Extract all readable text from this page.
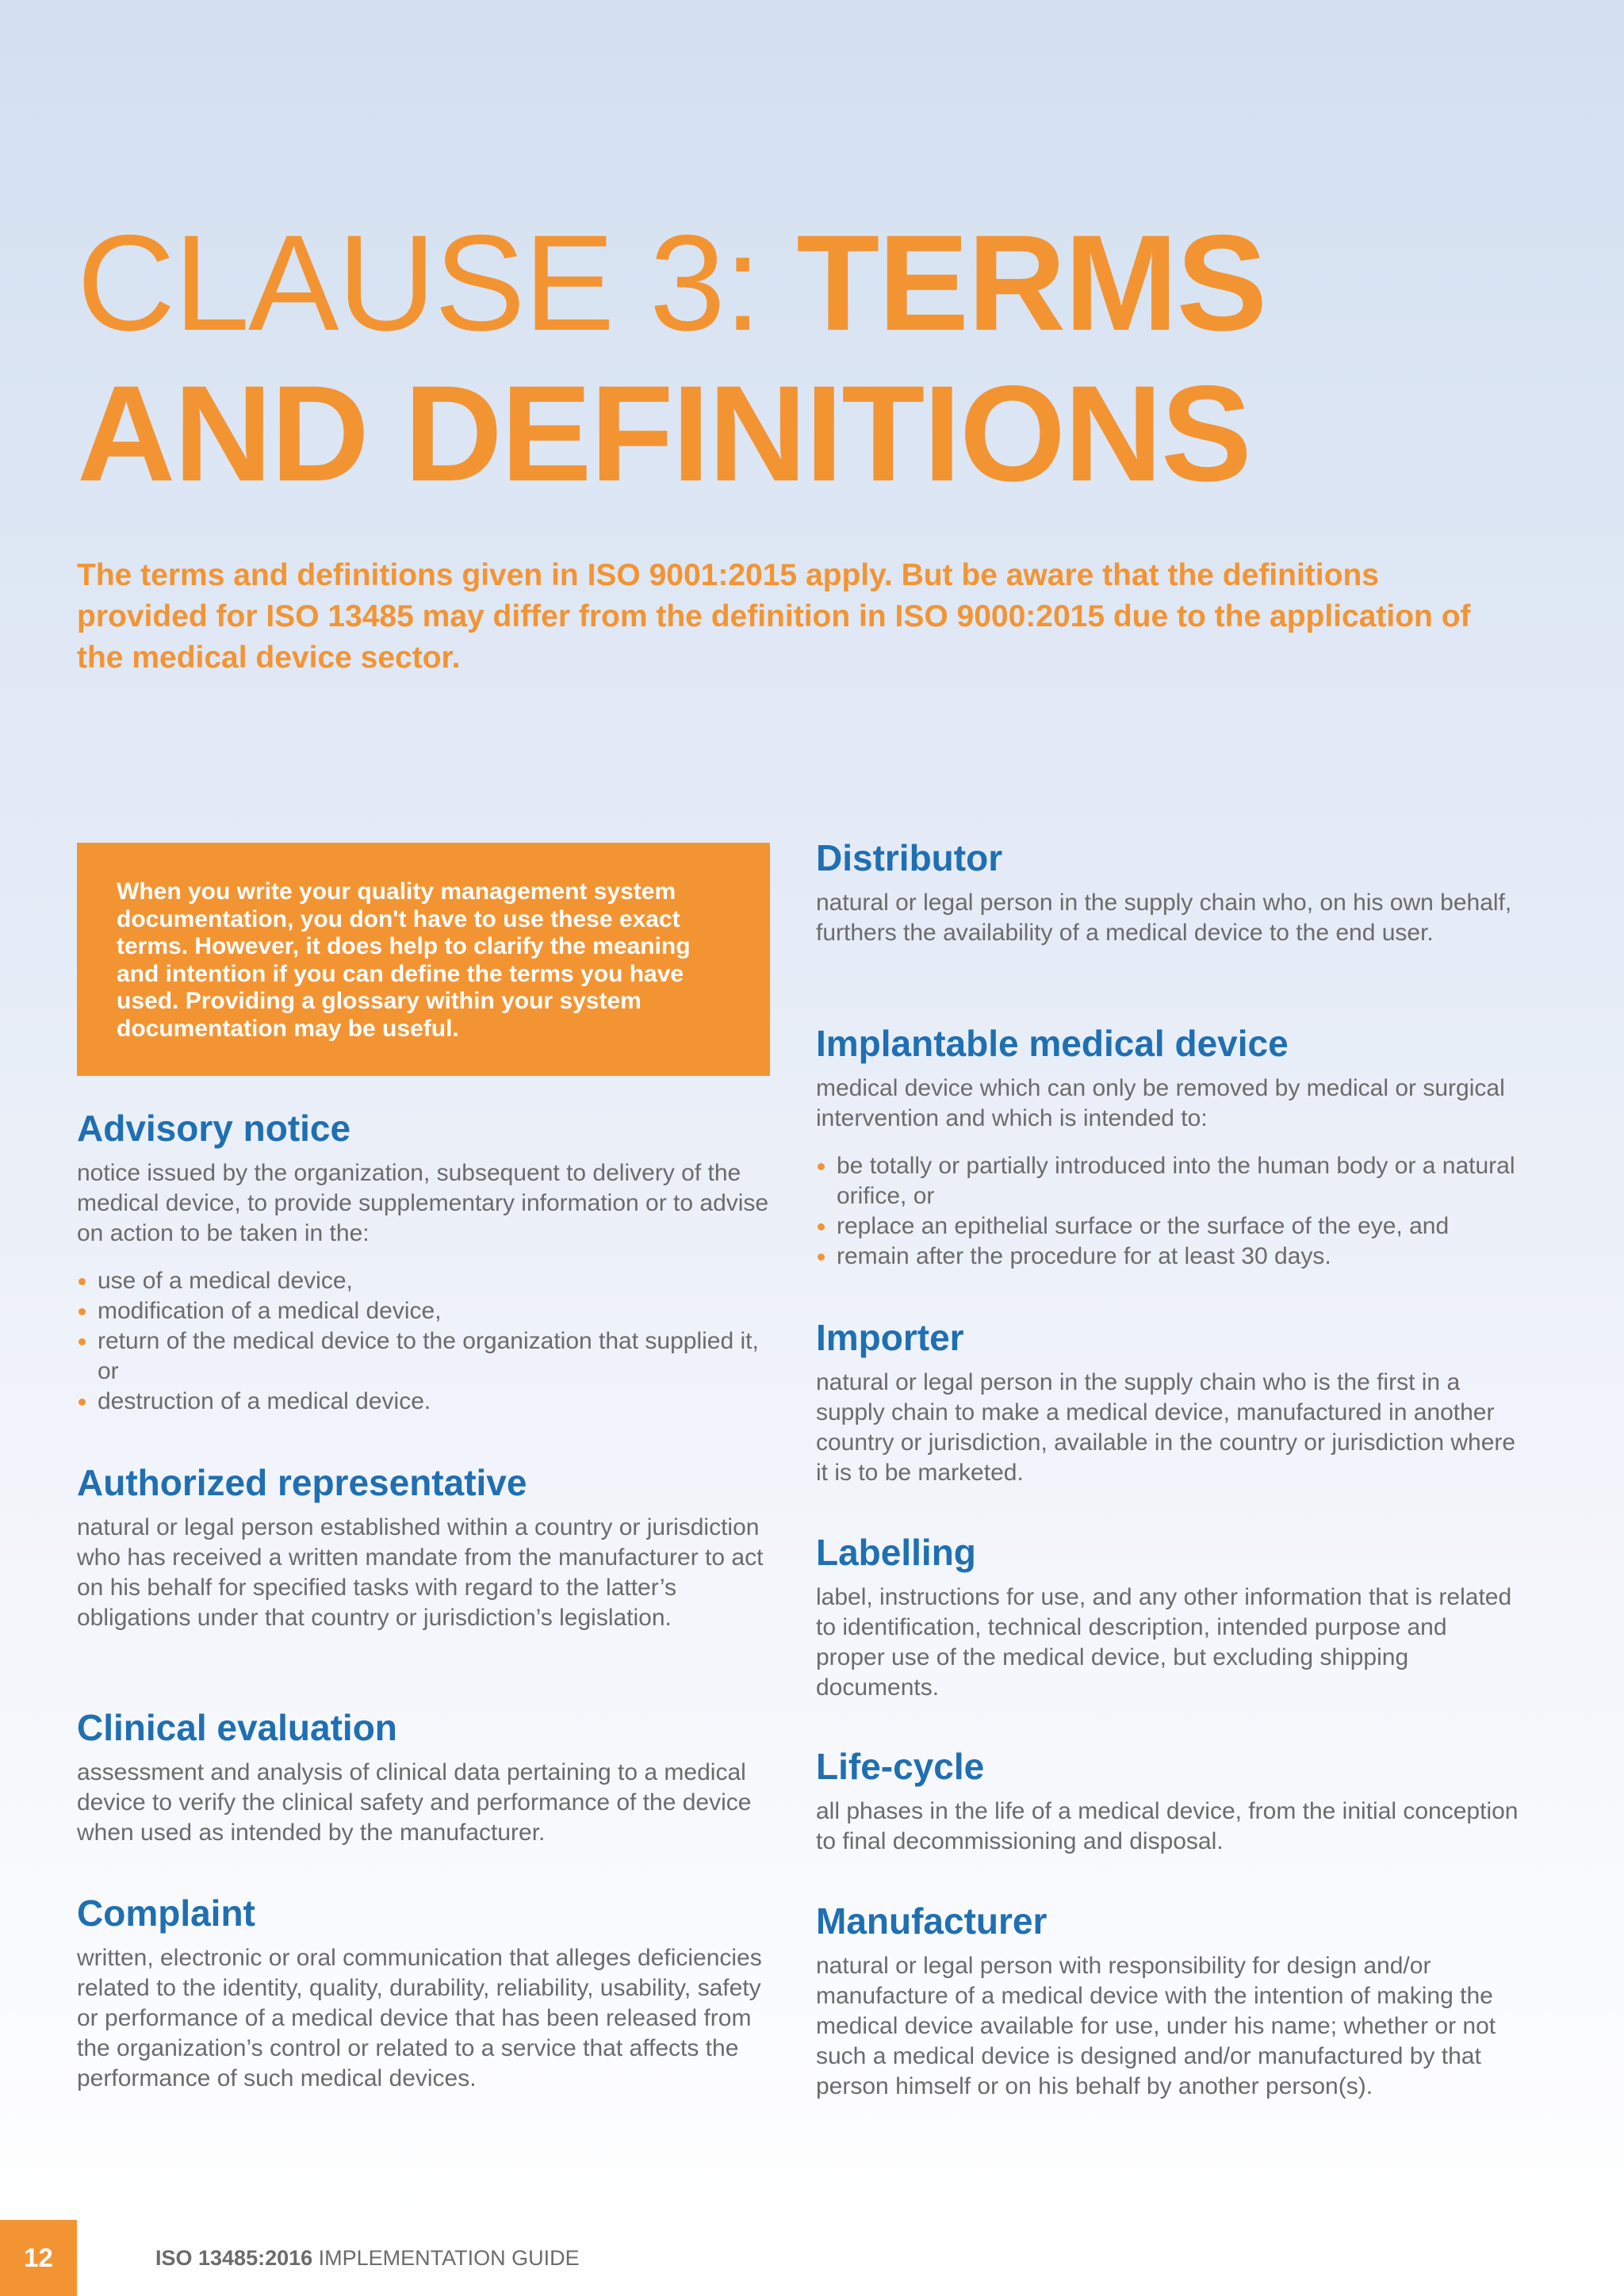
CLAUSE 3: TERMS
AND DEFINITIONS

The terms and definitions given in ISO 9001:2015 apply. But be aware that the definitions provided for ISO 13485 may differ from the definition in ISO 9000:2015 due to the application of the medical device sector.

When you write your quality management system documentation, you don't have to use these exact terms. However, it does help to clarify the meaning and intention if you can define the terms you have used. Providing a glossary within your system documentation may be useful.
Advisory notice

notice issued by the organization, subsequent to delivery of the medical device, to provide supplementary information or to advise on action to be taken in the:

use of a medical device,
modification of a medical device,
return of the medical device to the organization that supplied it, or
destruction of a medical device.
Authorized representative

natural or legal person established within a country or jurisdiction who has received a written mandate from the manufacturer to act on his behalf for specified tasks with regard to the latter’s obligations under that country or jurisdiction’s legislation.

Clinical evaluation

assessment and analysis of clinical data pertaining to a medical device to verify the clinical safety and performance of the device when used as intended by the manufacturer.

Complaint

written, electronic or oral communication that alleges deficiencies related to the identity, quality, durability, reliability, usability, safety or performance of a medical device that has been released from the organization’s control or related to a service that affects the performance of such medical devices.

Distributor

natural or legal person in the supply chain who, on his own behalf, furthers the availability of a medical device to the end user.

Implantable medical device

medical device which can only be removed by medical or surgical intervention and which is intended to:

be totally or partially introduced into the human body or a natural orifice, or
replace an epithelial surface or the surface of the eye, and
remain after the procedure for at least 30 days.
Importer

natural or legal person in the supply chain who is the first in a supply chain to make a medical device, manufactured in another country or jurisdiction, available in the country or jurisdiction where it is to be marketed.

Labelling

label, instructions for use, and any other information that is related to identification, technical description, intended purpose and proper use of the medical device, but excluding shipping documents.

Life-cycle

all phases in the life of a medical device, from the initial conception to final decommissioning and disposal.

Manufacturer

natural or legal person with responsibility for design and/or manufacture of a medical device with the intention of making the medical device available for use, under his name; whether or not such a medical device is designed and/or manufactured by that person himself or on his behalf by another person(s).

12	ISO 13485:2016 IMPLEMENTATION GUIDE
